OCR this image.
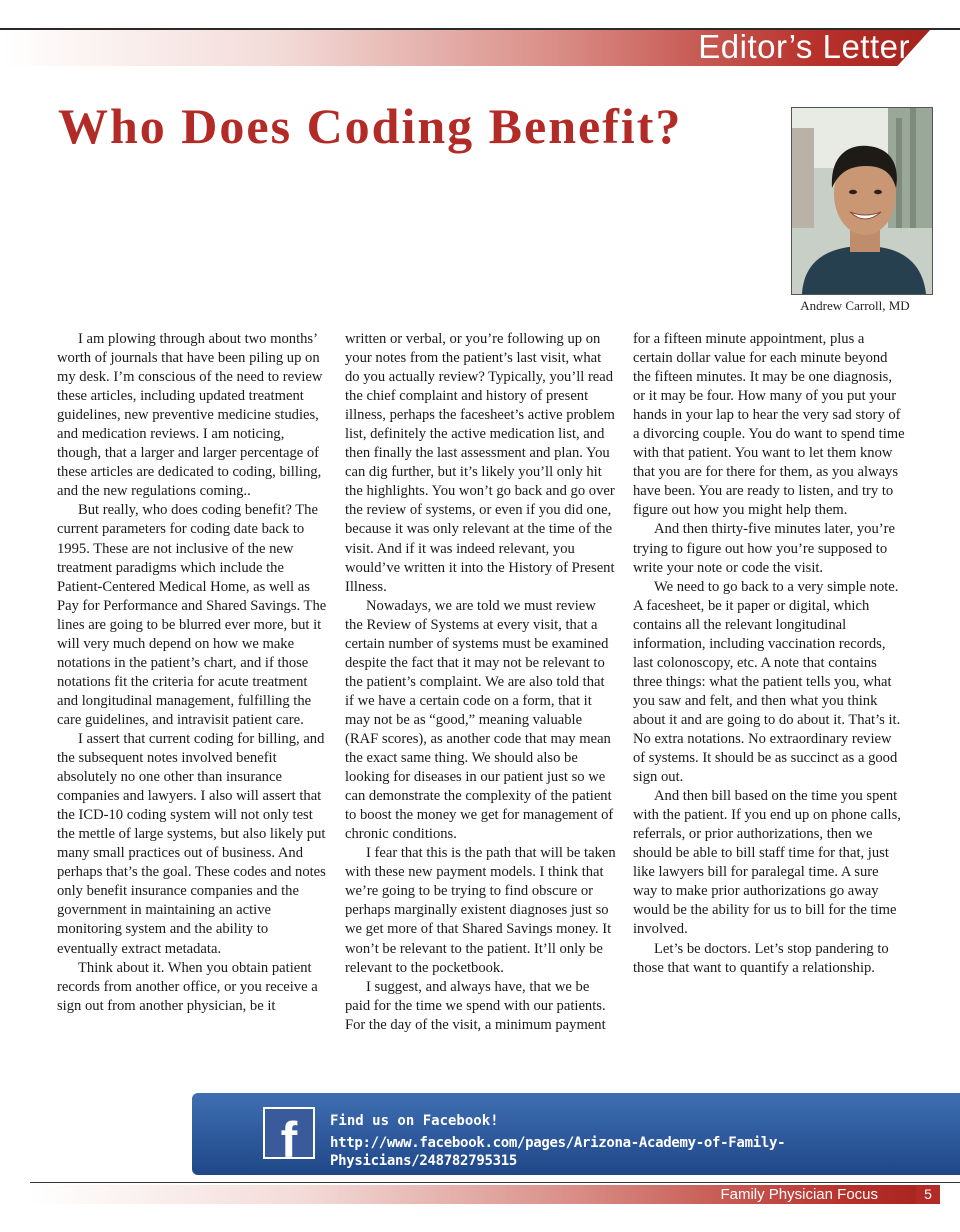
Editor’s Letter
Who Does Coding Benefit?
Andrew Carroll, MD

I am plowing through about two months’ worth of journals that have been piling up on my desk. I’m conscious of the need to review these articles, including updated treatment guidelines, new preventive medicine studies, and medication reviews. I am noticing, though, that a larger and larger percentage of these articles are dedicated to coding, billing, and the new regulations coming..

But really, who does coding benefit? The current parameters for coding date back to 1995. These are not inclusive of the new treatment paradigms which include the Patient-Centered Medical Home, as well as Pay for Performance and Shared Savings. The lines are going to be blurred ever more, but it will very much depend on how we make notations in the patient’s chart, and if those notations fit the criteria for acute treatment and longitudinal management, fulfilling the care guidelines, and intravisit patient care.

I assert that current coding for billing, and the subsequent notes involved benefit absolutely no one other than insurance companies and lawyers. I also will assert that the ICD-10 coding system will not only test the mettle of large systems, but also likely put many small practices out of business. And perhaps that’s the goal. These codes and notes only benefit insurance companies and the government in maintaining an active monitoring system and the ability to eventually extract metadata.

Think about it. When you obtain patient records from another office, or you receive a sign out from another physician, be it

written or verbal, or you’re following up on your notes from the patient’s last visit, what do you actually review? Typically, you’ll read the chief complaint and history of present illness, perhaps the facesheet’s active problem list, definitely the active medication list, and then finally the last assessment and plan. You can dig further, but it’s likely you’ll only hit the highlights. You won’t go back and go over the review of systems, or even if you did one, because it was only relevant at the time of the visit. And if it was indeed relevant, you would’ve written it into the History of Present Illness.

Nowadays, we are told we must review the Review of Systems at every visit, that a certain number of systems must be examined despite the fact that it may not be relevant to the patient’s complaint. We are also told that if we have a certain code on a form, that it may not be as “good,” meaning valuable (RAF scores), as another code that may mean the exact same thing. We should also be looking for diseases in our patient just so we can demonstrate the complexity of the patient to boost the money we get for management of chronic conditions.

I fear that this is the path that will be taken with these new payment models. I think that we’re going to be trying to find obscure or perhaps marginally existent diagnoses just so we get more of that Shared Savings money. It won’t be relevant to the patient. It’ll only be relevant to the pocketbook.

I suggest, and always have, that we be paid for the time we spend with our patients. For the day of the visit, a minimum payment

for a fifteen minute appointment, plus a certain dollar value for each minute beyond the fifteen minutes. It may be one diagnosis, or it may be four. How many of you put your hands in your lap to hear the very sad story of a divorcing couple. You do want to spend time with that patient. You want to let them know that you are for there for them, as you always have been. You are ready to listen, and try to figure out how you might help them.

And then thirty-five minutes later, you’re trying to figure out how you’re supposed to write your note or code the visit.

We need to go back to a very simple note. A facesheet, be it paper or digital, which contains all the relevant longitudinal information, including vaccination records, last colonoscopy, etc. A note that contains three things: what the patient tells you, what you saw and felt, and then what you think about it and are going to do about it. That’s it. No extra notations. No extraordinary review of systems. It should be as succinct as a good sign out.

And then bill based on the time you spent with the patient. If you end up on phone calls, referrals, or prior authorizations, then we should be able to bill staff time for that, just like lawyers bill for paralegal time. A sure way to make prior authorizations go away would be the ability for us to bill for the time involved.

Let’s be doctors. Let’s stop pandering to those that want to quantify a relationship.

f	Find us on Facebook!
http://www.facebook.com/pages/Arizona-Academy-of-Family-Physicians/248782795315
Family Physician Focus	5
